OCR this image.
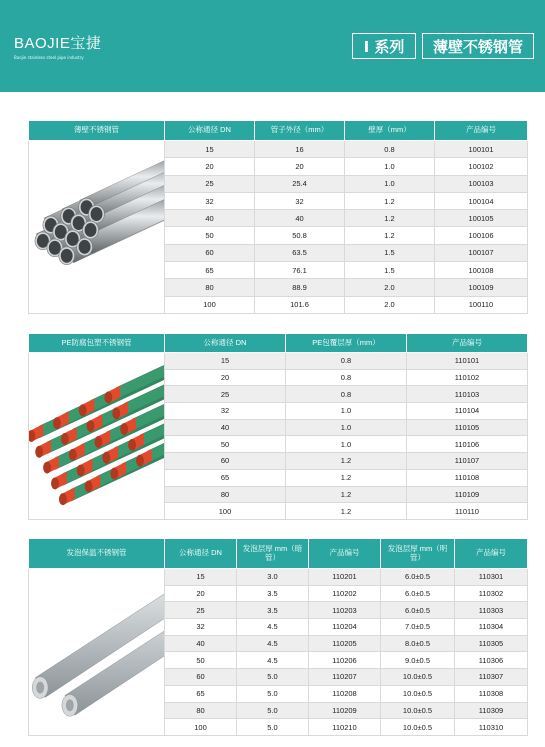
BAOJIE宝捷
Baojie stainless steel pipe industry
I 系列	薄壁不锈钢管
薄壁不锈钢管	公称通径 DN	管子外径（mm）	壁厚（mm）	产品编号

	15	16	0.8	100101
	20	20	1.0	100102
	25	25.4	1.0	100103
	32	32	1.2	100104
	40	40	1.2	100105
	50	50.8	1.2	100106
	60	63.5	1.5	100107
	65	76.1	1.5	100108
	80	88.9	2.0	100109
	100	101.6	2.0	100110
PE防腐包塑不锈钢管	公称通径 DN	PE包覆层厚（mm）	产品编号

	15	0.8	110101
	20	0.8	110102
	25	0.8	110103
	32	1.0	110104
	40	1.0	110105
	50	1.0	110106
	60	1.2	110107
	65	1.2	110108
	80	1.2	110109
	100	1.2	110110
发泡保温不锈钢管	公称通径 DN	发泡层厚 mm（暗管）	产品编号	发泡层厚 mm（明管）	产品编号

	15	3.0	110201	6.0±0.5	110301
	20	3.5	110202	6.0±0.5	110302
	25	3.5	110203	6.0±0.5	110303
	32	4.5	110204	7.0±0.5	110304
	40	4.5	110205	8.0±0.5	110305
	50	4.5	110206	9.0±0.5	110306
	60	5.0	110207	10.0±0.5	110307
	65	5.0	110208	10.0±0.5	110308
	80	5.0	110209	10.0±0.5	110309
	100	5.0	110210	10.0±0.5	110310
